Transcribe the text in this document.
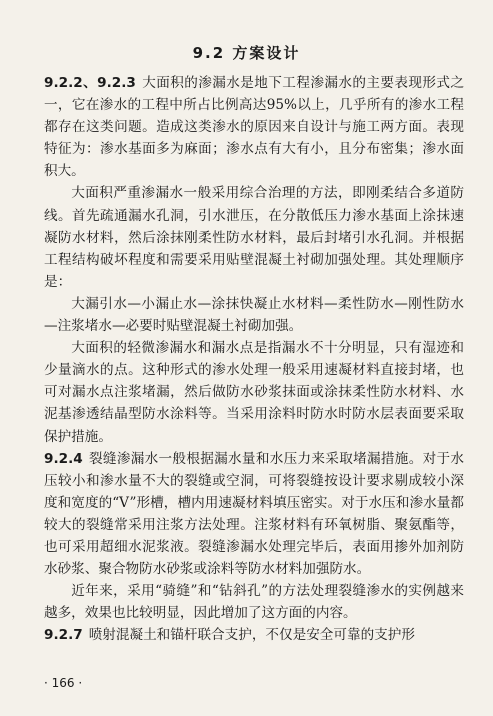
9.2 方案设计

9.2.2、9.2.3 大面积的渗漏水是地下工程渗漏水的主要表现形式之一，它在渗水的工程中所占比例高达95%以上，几乎所有的渗水工程都存在这类问题。造成这类渗水的原因来自设计与施工两方面。表现特征为：渗水基面多为麻面；渗水点有大有小，且分布密集；渗水面积大。

大面积严重渗漏水一般采用综合治理的方法，即刚柔结合多道防线。首先疏通漏水孔洞，引水泄压，在分散低压力渗水基面上涂抹速凝防水材料，然后涂抹刚柔性防水材料，最后封堵引水孔洞。并根据工程结构破坏程度和需要采用贴壁混凝土衬砌加强处理。其处理顺序是：

大漏引水—小漏止水—涂抹快凝止水材料—柔性防水—刚性防水—注浆堵水—必要时贴壁混凝土衬砌加强。

大面积的轻微渗漏水和漏水点是指漏水不十分明显，只有湿迹和少量滴水的点。这种形式的渗水处理一般采用速凝材料直接封堵，也可对漏水点注浆堵漏，然后做防水砂浆抹面或涂抹柔性防水材料、水泥基渗透结晶型防水涂料等。当采用涂料时防水时防水层表面要采取保护措施。

9.2.4 裂缝渗漏水一般根据漏水量和水压力来采取堵漏措施。对于水压较小和渗水量不大的裂缝或空洞，可将裂缝按设计要求剔成较小深度和宽度的“V”形槽，槽内用速凝材料填压密实。对于水压和渗水量都较大的裂缝常采用注浆方法处理。注浆材料有环氧树脂、聚氨酯等，也可采用超细水泥浆液。裂缝渗漏水处理完毕后，表面用掺外加剂防水砂浆、聚合物防水砂浆或涂料等防水材料加强防水。

近年来，采用“骑缝”和“钻斜孔”的方法处理裂缝渗水的实例越来越多，效果也比较明显，因此增加了这方面的内容。

9.2.7 喷射混凝土和锚杆联合支护，不仅是安全可靠的支护形

· 166 ·
